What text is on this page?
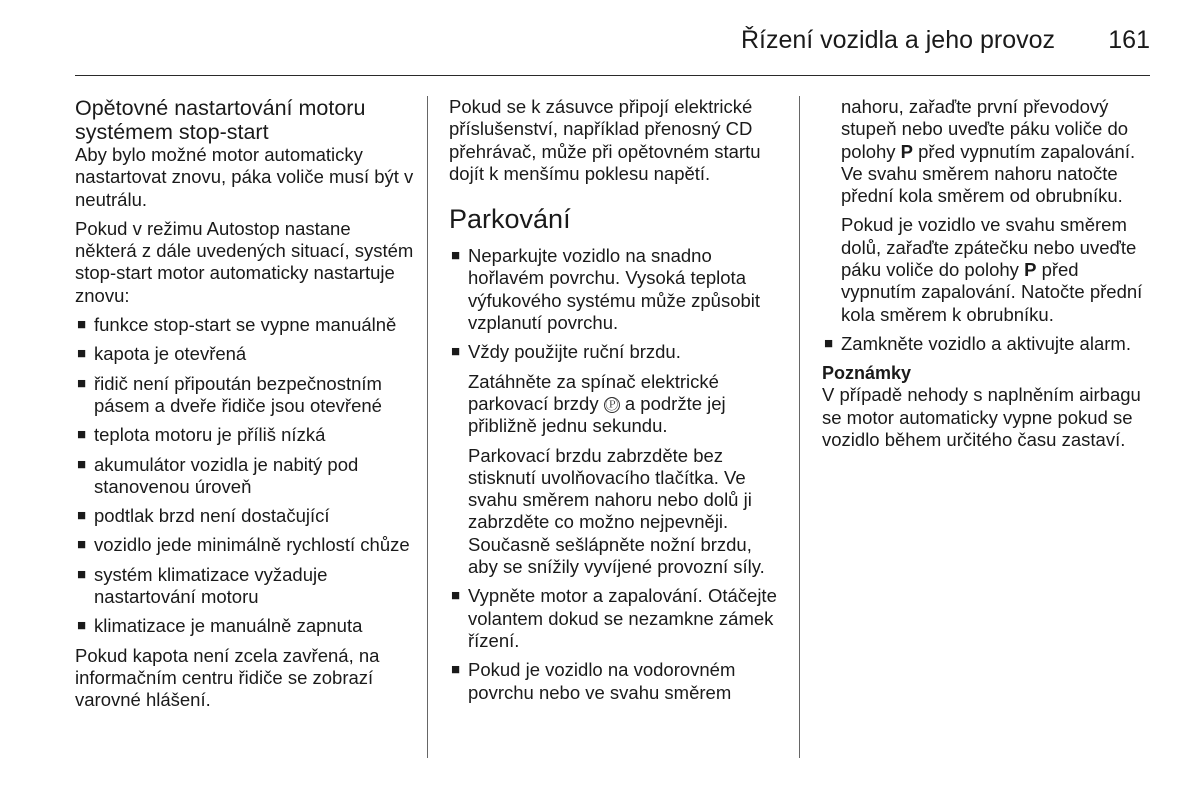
Řízení vozidla a jeho provoz	161
Opětovné nastartování motoru
systémem stop-start

Aby bylo možné motor automaticky nastartovat znovu, páka voliče musí být v neutrálu.

Pokud v režimu Autostop nastane některá z dále uvedených situací, systém stop-start motor automaticky nastartuje znovu:

■ funkce stop-start se vypne manuálně
■ kapota je otevřená
■ řidič není připoután bezpečnostním pásem a dveře řidiče jsou otevřené
■ teplota motoru je příliš nízká
■ akumulátor vozidla je nabitý pod stanovenou úroveň
■ podtlak brzd není dostačující
■ vozidlo jede minimálně rychlostí chůze
■ systém klimatizace vyžaduje nastartování motoru
■ klimatizace je manuálně zapnuta

Pokud kapota není zcela zavřená, na informačním centru řidiče se zobrazí varovné hlášení.

Pokud se k zásuvce připojí elektrické příslušenství, například přenosný CD přehrávač, může při opětovném startu dojít k menšímu poklesu napětí.

Parkování
■ Neparkujte vozidlo na snadno hořlavém povrchu. Vysoká teplota výfukového systému může způsobit vzplanutí povrchu.
■ Vždy použijte ruční brzdu.

Zatáhněte za spínač elektrické parkovací brzdy Ⓟ a podržte jej přibližně jednu sekundu.

Parkovací brzdu zabrzděte bez stisknutí uvolňovacího tlačítka. Ve svahu směrem nahoru nebo dolů ji zabrzděte co možno nejpevněji. Současně sešlápněte nožní brzdu, aby se snížily vyvíjené provozní síly.

■ Vypněte motor a zapalování. Otáčejte volantem dokud se nezamkne zámek řízení.
■ Pokud je vozidlo na vodorovném povrchu nebo ve svahu směrem

nahoru, zařaďte první převodový stupeň nebo uveďte páku voliče do polohy P před vypnutím zapalování. Ve svahu směrem nahoru natočte přední kola směrem od obrubníku.

Pokud je vozidlo ve svahu směrem dolů, zařaďte zpátečku nebo uveďte páku voliče do polohy P před vypnutím zapalování. Natočte přední kola směrem k obrubníku.

■ Zamkněte vozidlo a aktivujte alarm.
Poznámky

V případě nehody s naplněním airbagu se motor automaticky vypne pokud se vozidlo během určitého času zastaví.
